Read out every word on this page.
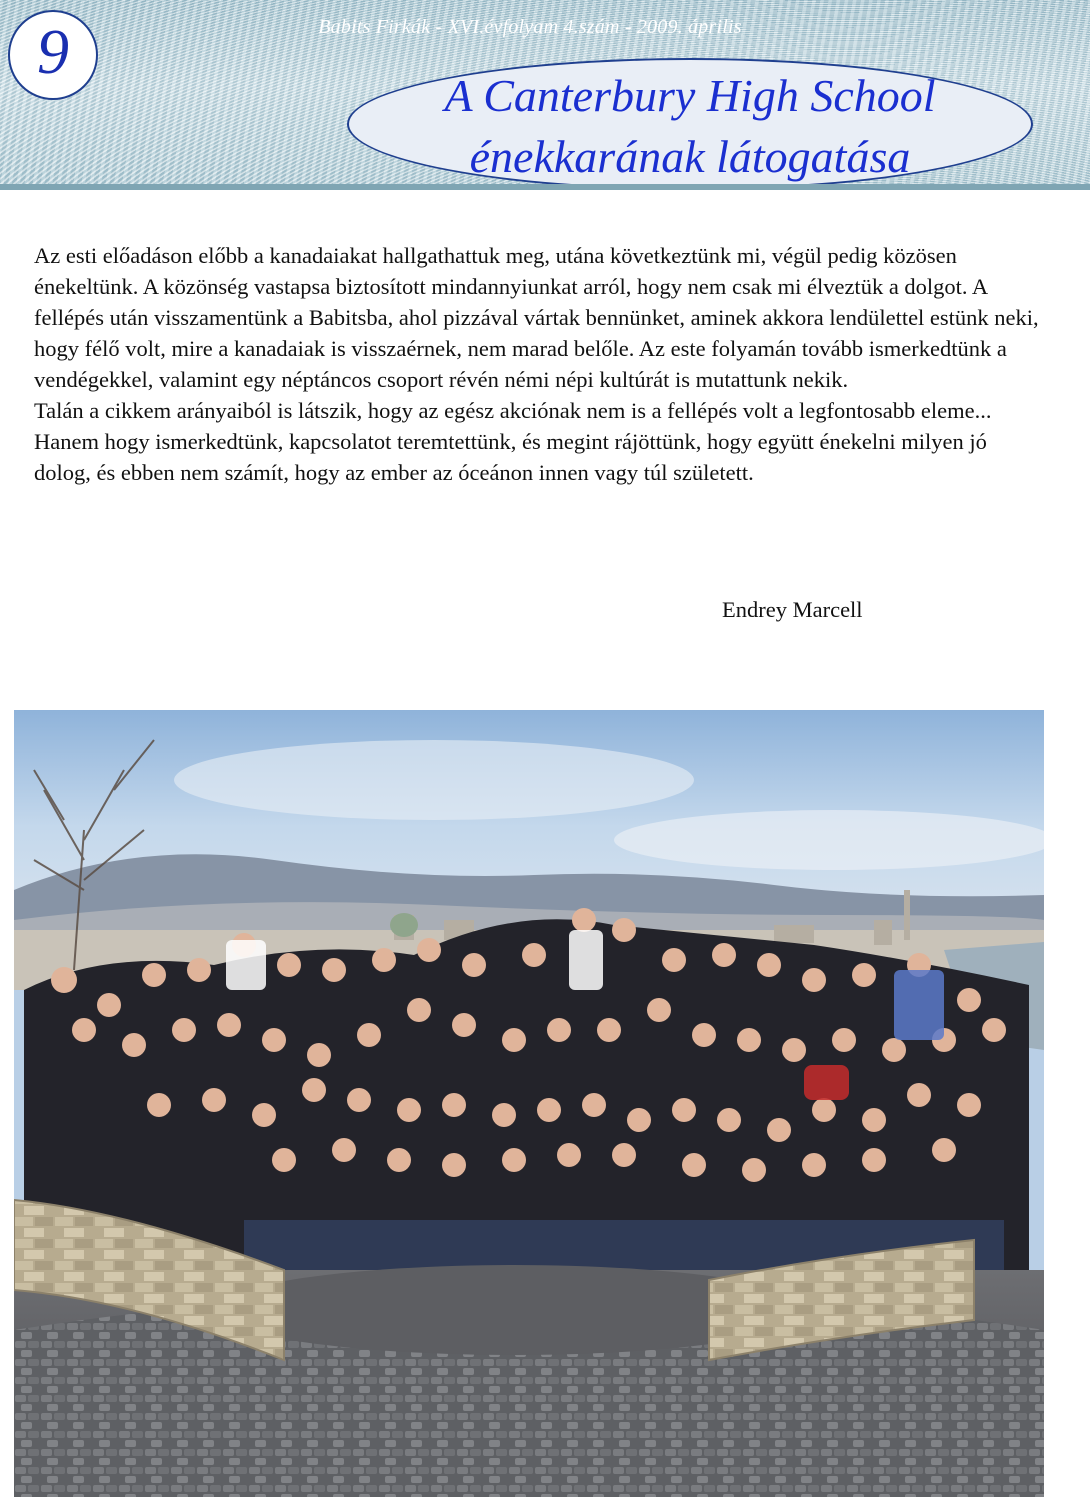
9	Babits Firkák - XVI.évfolyam 4.szám - 2009. április
A Canterbury High School
énekkarának látogatása

Az esti előadáson előbb a kanadaiakat hallgathattuk meg, utána következtünk mi, végül pedig közösen énekeltünk. A közönség vastapsa biztosított mindannyiunkat arról, hogy nem csak mi élveztük a dolgot. A fellépés után visszamentünk a Babitsba, ahol pizzával vártak bennünket, aminek akkora lendülettel estünk neki, hogy félő volt, mire a kanadaiak is visszaérnek, nem marad belőle. Az este folyamán tovább ismerkedtünk a vendégekkel, valamint egy néptáncos csoport révén némi népi kultúrát is mutattunk nekik.

Talán a cikkem arányaiból is látszik, hogy az egész akciónak nem is a fellépés volt a legfontosabb eleme... Hanem hogy ismerkedtünk, kapcsolatot teremtettünk, és megint rájöttünk, hogy együtt énekelni milyen jó dolog, és ebben nem számít, hogy az ember az óceánon innen vagy túl született.

Endrey Marcell
